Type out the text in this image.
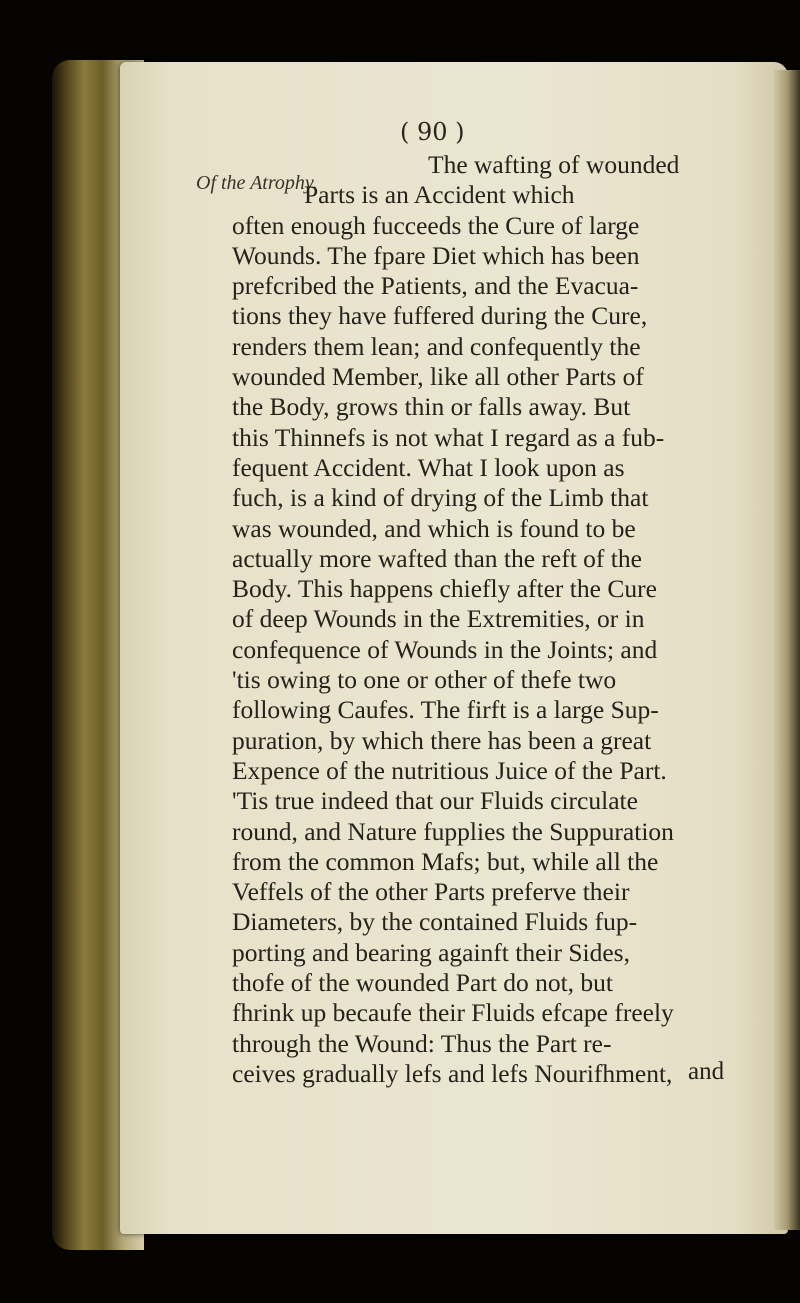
( 90 )
Of the Atrophy.
The wafting of wounded
Parts is an Accident which
often enough fucceeds the Cure of large
Wounds. The fpare Diet which has been
prefcribed the Patients, and the Evacua-
tions they have fuffered during the Cure,
renders them lean; and confequently the
wounded Member, like all other Parts of
the Body, grows thin or falls away. But
this Thinnefs is not what I regard as a fub-
fequent Accident. What I look upon as
fuch, is a kind of drying of the Limb that
was wounded, and which is found to be
actually more wafted than the reft of the
Body. This happens chiefly after the Cure
of deep Wounds in the Extremities, or in
confequence of Wounds in the Joints; and
'tis owing to one or other of thefe two
following Caufes. The firft is a large Sup-
puration, by which there has been a great
Expence of the nutritious Juice of the Part.
'Tis true indeed that our Fluids circulate
round, and Nature fupplies the Suppuration
from the common Mafs; but, while all the
Veffels of the other Parts preferve their
Diameters, by the contained Fluids fup-
porting and bearing againft their Sides,
thofe of the wounded Part do not, but
fhrink up becaufe their Fluids efcape freely
through the Wound: Thus the Part re-
ceives gradually lefs and lefs Nourifhment, and
